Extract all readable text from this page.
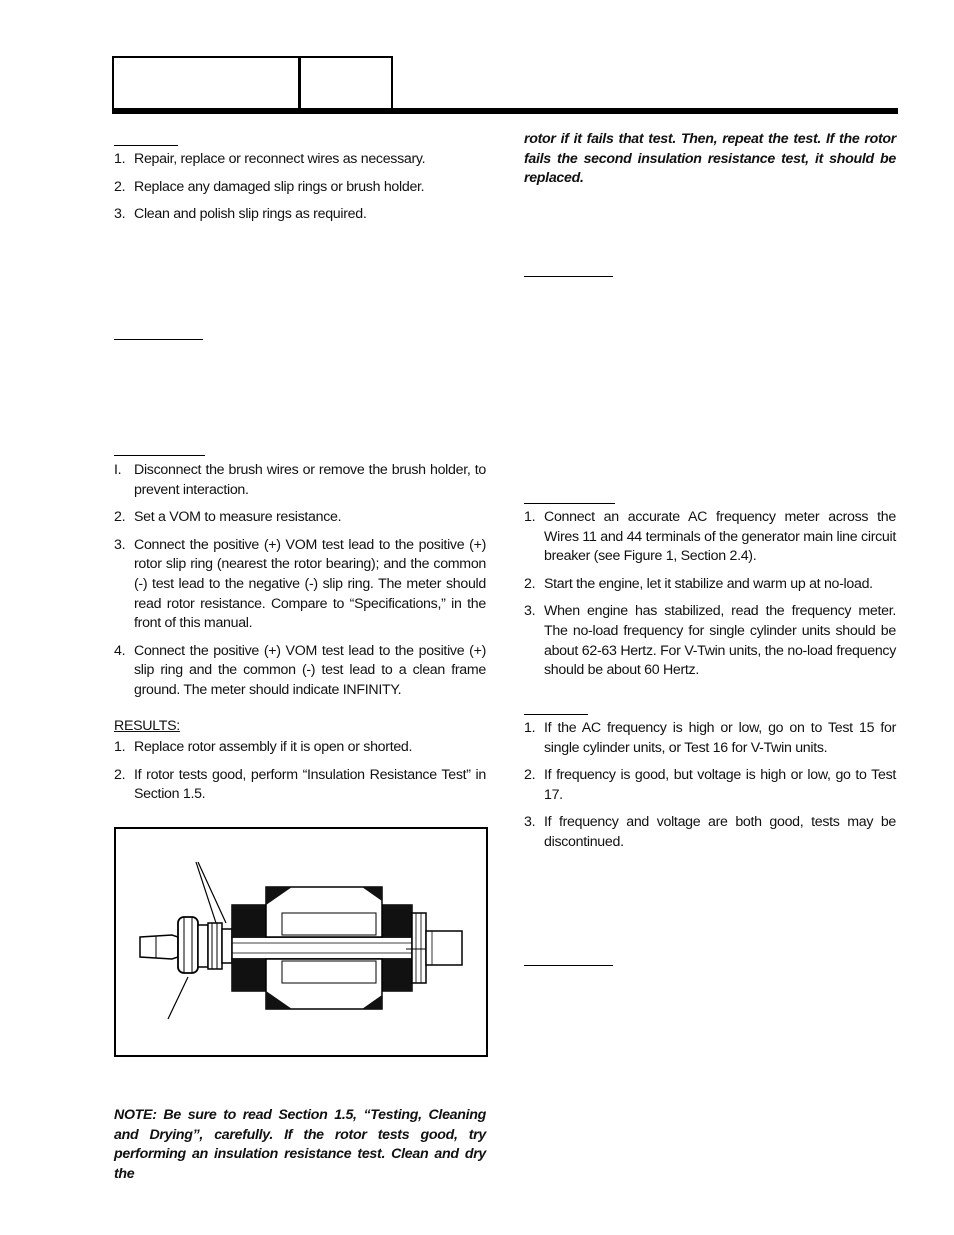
1. Repair, replace or reconnect wires as necessary.
2. Replace any damaged slip rings or brush holder.
3. Clean and polish slip rings as required.
I. Disconnect the brush wires or remove the brush holder, to prevent interaction.
2. Set a VOM to measure resistance.
3. Connect the positive (+) VOM test lead to the positive (+) rotor slip ring (nearest the rotor bearing); and the common (-) test lead to the negative (-) slip ring. The meter should read rotor resistance. Compare to “Specifications,” in the front of this manual.
4. Connect the positive (+) VOM test lead to the positive (+) slip ring and the common (-) test lead to a clean frame ground. The meter should indicate INFINITY.
RESULTS:
1. Replace rotor assembly if it is open or shorted.
2. If rotor tests good, perform “Insulation Resistance Test” in Section 1.5.
NOTE: Be sure to read Section 1.5, “Testing, Cleaning and Drying”, carefully. If the rotor tests good, try performing an insulation resistance test. Clean and dry the
rotor if it fails that test. Then, repeat the test. If the rotor fails the second insulation resistance test, it should be replaced.
1. Connect an accurate AC frequency meter across the Wires 11 and 44 terminals of the generator main line circuit breaker (see Figure 1, Section 2.4).
2. Start the engine, let it stabilize and warm up at no-load.
3. When engine has stabilized, read the frequency meter. The no-load frequency for single cylinder units should be about 62-63 Hertz. For V-Twin units, the no-load frequency should be about 60 Hertz.
1. If the AC frequency is high or low, go on to Test 15 for single cylinder units, or Test 16 for V-Twin units.
2. If frequency is good, but voltage is high or low, go to Test 17.
3. If frequency and voltage are both good, tests may be discontinued.
